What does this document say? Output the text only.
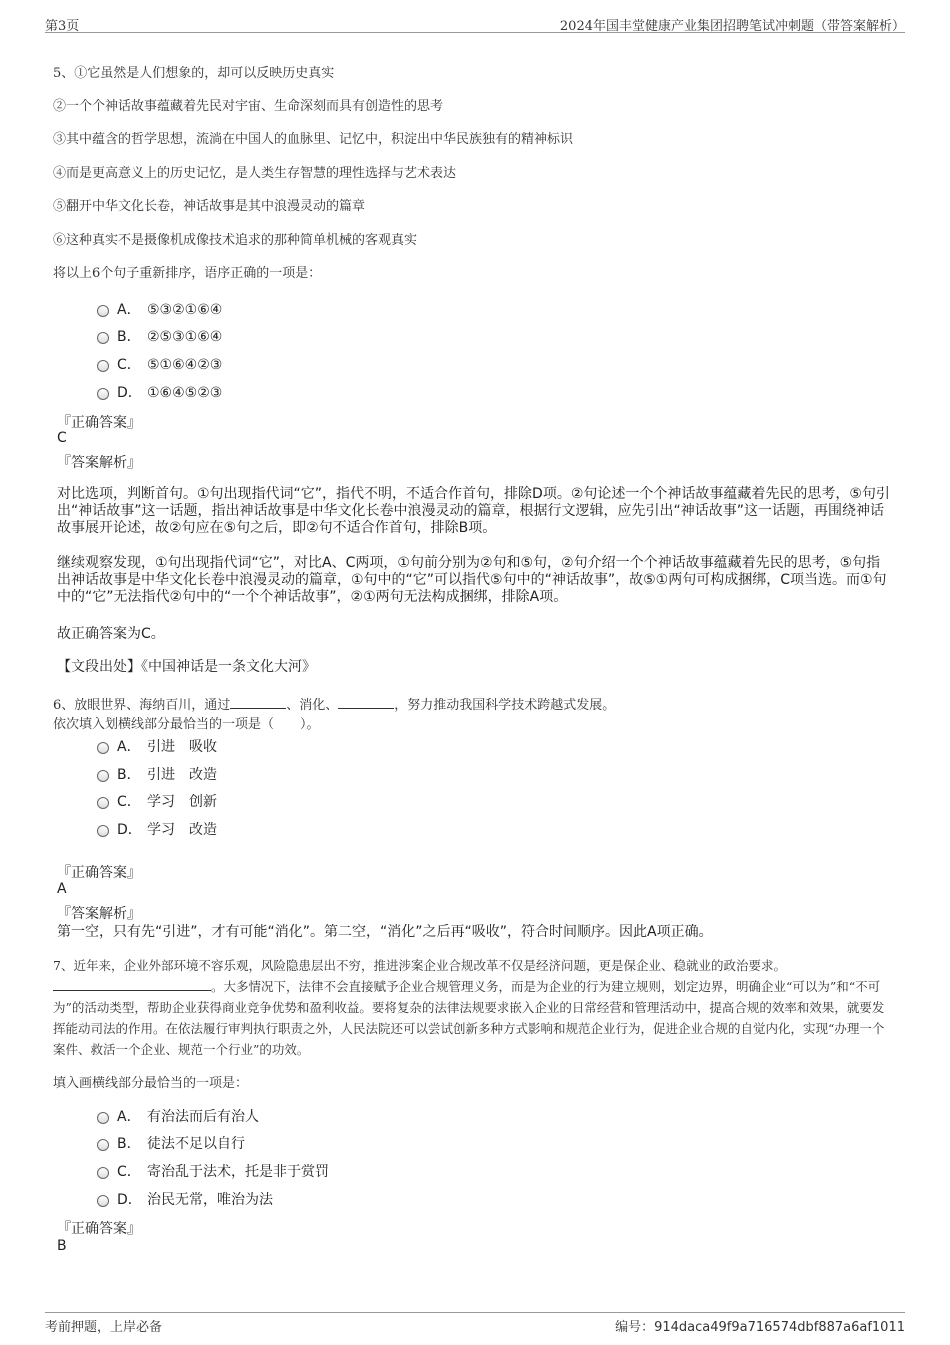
第3页	2024年国丰堂健康产业集团招聘笔试冲刺题（带答案解析）
5、①它虽然是人们想象的，却可以反映历史真实
②一个个神话故事蕴藏着先民对宇宙、生命深刻而具有创造性的思考
③其中蕴含的哲学思想，流淌在中国人的血脉里、记忆中，积淀出中华民族独有的精神标识
④而是更高意义上的历史记忆，是人类生存智慧的理性选择与艺术表达
⑤翻开中华文化长卷，神话故事是其中浪漫灵动的篇章
⑥这种真实不是摄像机成像技术追求的那种简单机械的客观真实
将以上6个句子重新排序，语序正确的一项是：
A． ⑤③②①⑥④
B． ②⑤③①⑥④
C． ⑤①⑥④②③
D． ①⑥④⑤②③
『正确答案』
C
『答案解析』
对比选项，判断首句。①句出现指代词“它”，指代不明，不适合作首句，排除D项。②句论述一个个神话故事蕴藏着先民的思考，⑤句引出“神话故事”这一话题，指出神话故事是中华文化长卷中浪漫灵动的篇章，根据行文逻辑，应先引出“神话故事”这一话题，再围绕神话故事展开论述，故②句应在⑤句之后，即②句不适合作首句，排除B项。
继续观察发现，①句出现指代词“它”，对比A、C两项，①句前分别为②句和⑤句，②句介绍一个个神话故事蕴藏着先民的思考，⑤句指出神话故事是中华文化长卷中浪漫灵动的篇章，①句中的“它”可以指代⑤句中的“神话故事”，故⑤①两句可构成捆绑，C项当选。而①句中的“它”无法指代②句中的“一个个神话故事”，②①两句无法构成捆绑，排除A项。
故正确答案为C。
【文段出处】《中国神话是一条文化大河》
6、放眼世界、海纳百川，通过	、消化、	，努力推动我国科学技术跨越式发展。
依次填入划横线部分最恰当的一项是（　　）。
A． 引进　吸收
B． 引进　改造
C． 学习　创新
D． 学习　改造
『正确答案』
A
『答案解析』
第一空，只有先“引进”，才有可能“消化”。第二空，“消化”之后再“吸收”，符合时间顺序。因此A项正确。
7、近年来，企业外部环境不容乐观，风险隐患层出不穷，推进涉案企业合规改革不仅是经济问题，更是保企业、稳就业的政治要求。
。大多情况下，法律不会直接赋予企业合规管理义务，而是为企业的行为建立规则，划定边界，明确企业“可以为”和“不可为”的活动类型，帮助企业获得商业竞争优势和盈利收益。要将复杂的法律法规要求嵌入企业的日常经营和管理活动中，提高合规的效率和效果，就要发挥能动司法的作用。在依法履行审判执行职责之外，人民法院还可以尝试创新多种方式影响和规范企业行为，促进企业合规的自觉内化，实现“办理一个案件、救活一个企业、规范一个行业”的功效。
填入画横线部分最恰当的一项是：
A． 有治法而后有治人
B． 徒法不足以自行
C． 寄治乱于法术，托是非于赏罚
D． 治民无常，唯治为法
『正确答案』
B
考前押题，上岸必备	编号：914daca49f9a716574dbf887a6af1011
